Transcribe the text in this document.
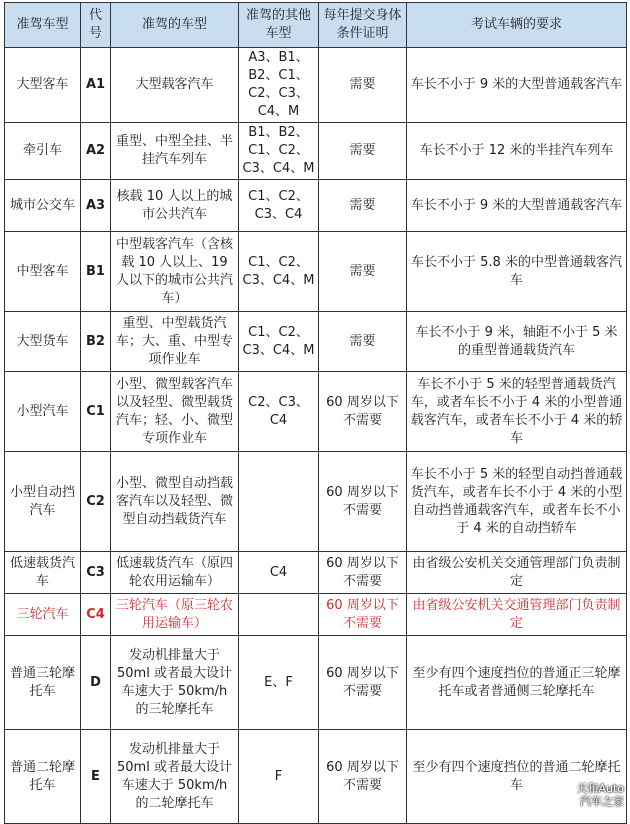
准驾车型	代号	准驾的车型	准驾的其他车型	每年提交身体条件证明	考试车辆的要求
大型客车	A1	大型载客汽车	A3、B1、B2、C1、C2、C3、C4、M	需要	车长不小于 9 米的大型普通载客汽车
牵引车	A2	重型、中型全挂、半挂汽车列车	B1、B2、C1、C2、C3、C4、M	需要	车长不小于 12 米的半挂汽车列车
城市公交车	A3	核载 10 人以上的城市公共汽车	C1、C2、C3、C4	需要	车长不小于 9 米的大型普通载客汽车
中型客车	B1	中型载客汽车（含核载 10 人以上、19 人以下的城市公共汽车）	C1、C2、C3、C4、M	需要	车长不小于 5.8 米的中型普通载客汽车
大型货车	B2	重型、中型载货汽车；大、重、中型专项作业车	C1、C2、C3、C4、M	需要	车长不小于 9 米，轴距不小于 5 米的重型普通载货汽车
小型汽车	C1	小型、微型载客汽车以及轻型、微型载货汽车；轻、小、微型专项作业车	C2、C3、C4	60 周岁以下不需要	车长不小于 5 米的轻型普通载货汽车，或者车长不小于 4 米的小型普通载客汽车，或者车长不小于 4 米的轿车
小型自动挡汽车	C2	小型、微型自动挡载客汽车以及轻型、微型自动挡载货汽车		60 周岁以下不需要	车长不小于 5 米的轻型自动挡普通载货汽车，或者车长不小于 4 米的小型自动挡普通载客汽车，或者车长不小于 4 米的自动挡轿车
低速载货汽车	C3	低速载货汽车（原四轮农用运输车）	C4	60 周岁以下不需要	由省级公安机关交通管理部门负责制定
三轮汽车	C4	三轮汽车（原三轮农用运输车）		60 周岁以下不需要	由省级公安机关交通管理部门负责制定
普通三轮摩托车	D	发动机排量大于 50ml 或者最大设计车速大于 50km/h 的三轮摩托车	E、F	60 周岁以下不需要	至少有四个速度挡位的普通正三轮摩托车或者普通侧三轮摩托车
普通二轮摩托车	E	发动机排量大于 50ml 或者最大设计车速大于 50km/h 的二轮摩托车	F	60 周岁以下不需要	至少有四个速度挡位的普通二轮摩托车	天和Auto
汽车之家
